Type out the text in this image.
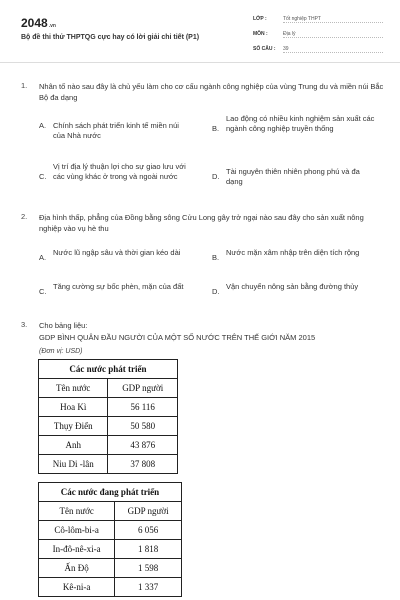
2048.vn
Bộ đề thi thử THPTQG cực hay có lời giải chi tiết (P1)
LỚP :	Tốt nghiệp THPT
MÔN :	Địa lý
SỐ CÂU : 39
1. Nhân tố nào sau đây là chủ yếu làm cho cơ cấu ngành công nghiệp của vùng Trung du và miền núi Bắc Bộ đa dạng
A. Chính sách phát triển kinh tế miền núi của Nhà nước
B.
Lao động có nhiều kinh nghiệm sản xuất các ngành công nghiệp truyền thống
C.
Vị trí địa lý thuận lợi cho sự giao lưu với các vùng khác ở trong và ngoài nước	D.
Tài nguyên thiên nhiên phong phú và đa dạng
2. Địa hình thấp, phẳng của Đồng bằng sông Cửu Long gây trở ngại nào sau đây cho sản xuất nông nghiệp vào vụ hè thu
A.
Nước lũ ngập sâu và thời gian kéo dài
B.
Nước mặn xâm nhập trên diện tích rộng
C.
Tăng cường sự bốc phèn, mặn của đất
D.
Vận chuyển nông sản bằng đường thủy
3. Cho bảng liệu:
GDP BÌNH QUÂN ĐẦU NGƯỜI CỦA MỘT SỐ NƯỚC TRÊN THẾ GIỚI NĂM 2015
(Đơn vị: USD)
Các nước phát triển	
Tên nước	GDP người
Hoa Kì	56 116
Thụy Điển	50 580
Anh	43 876
Niu Di -lân	37 808
Các nước đang phát triển	
Tên nước	GDP người
Cô-lôm-bi-a	6 056
In-đô-nê-xi-a	1 818
Ấn Độ	1 598
Kê-ni-a	1 337
